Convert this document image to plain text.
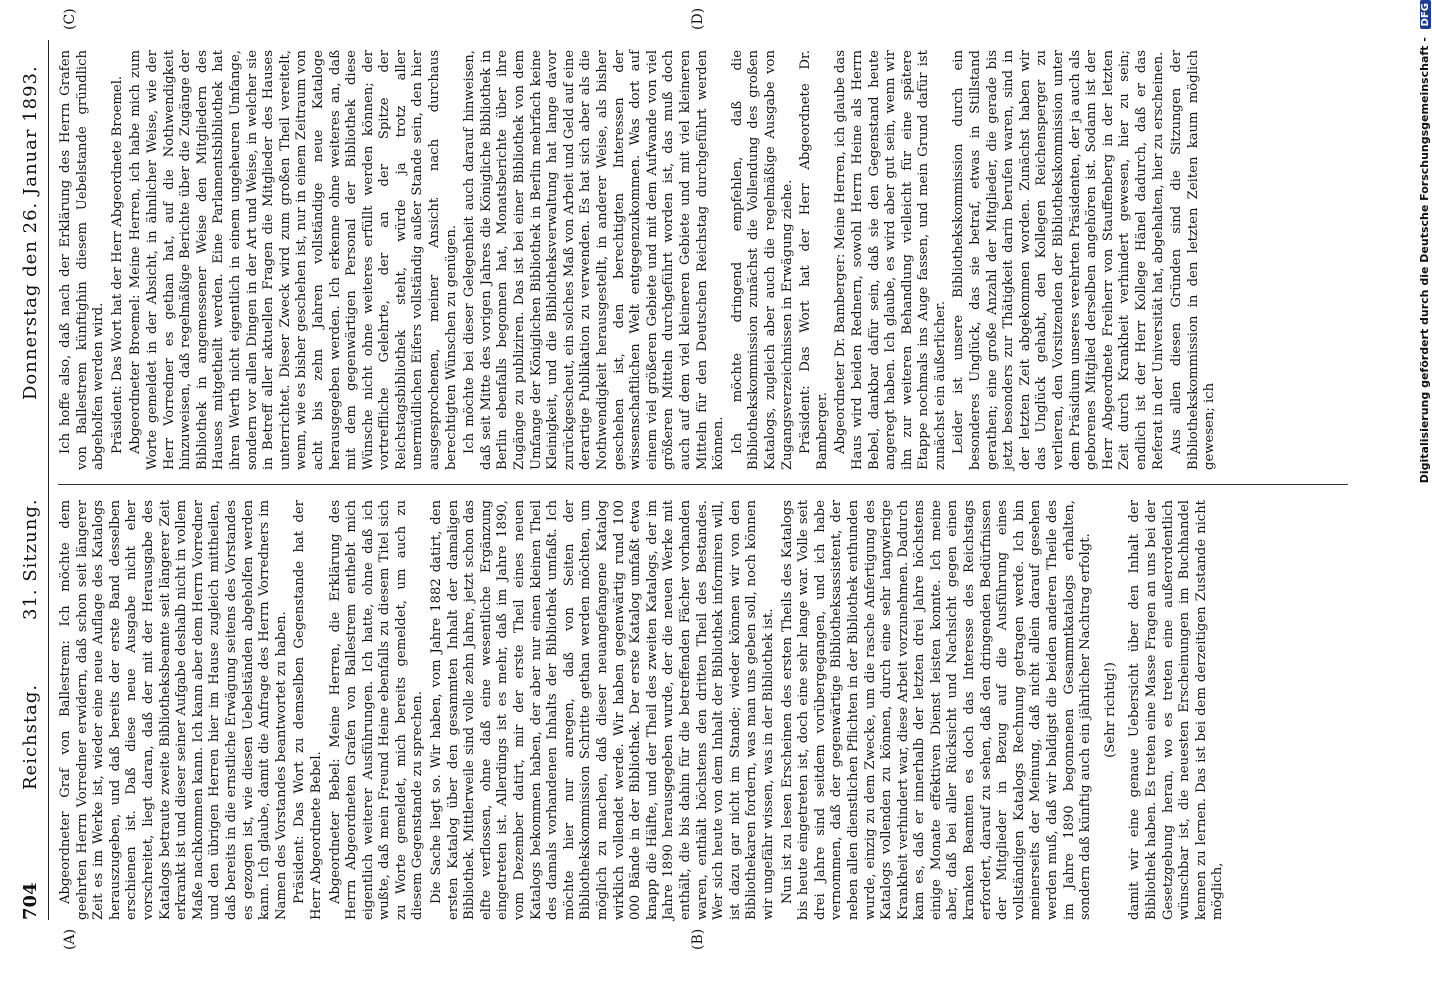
704
Reichstag.
31. Sitzung.
Donnerstag den 26. Januar 1893.
(A)	(B)
(C)	(D)

Abgeordneter Graf von Ballestrem: Ich möchte dem geehrten Herrn Vorredner erwidern, daß schon seit längerer Zeit es im Werke ist, wieder eine neue Auflage des Katalogs herauszugeben, und daß bereits der erste Band desselben erschienen ist. Daß diese neue Ausgabe nicht eher vorschreitet, liegt daran, daß der mit der Herausgabe des Katalogs betraute zweite Bibliotheksbeamte seit längerer Zeit erkrankt ist und dieser seiner Aufgabe deshalb nicht in vollem Maße nachkommen kann. Ich kann aber dem Herrn Vorredner und den übrigen Herren hier im Hause zugleich mittheilen, daß bereits in die ernstliche Erwägung seitens des Vorstandes es gezogen ist, wie diesen Uebelständen abgeholfen werden kann. Ich glaube, damit die Anfrage des Herrn Vorredners im Namen des Vorstandes beantwortet zu haben. Präsident: Das Wort zu demselben Gegenstande hat der Herr Abgeordnete Bebel. Abgeordneter Bebel: Meine Herren, die Erklärung des Herrn Abgeordneten Grafen von Ballestrem enthebt mich eigentlich weiterer Ausführungen. Ich hatte, ohne daß ich wußte, daß mein Freund Heine ebenfalls zu diesem Titel sich zu Worte gemeldet, mich bereits gemeldet, um auch zu diesem Gegenstande zu sprechen. Die Sache liegt so. Wir haben, vom Jahre 1882 datirt, den ersten Katalog über den gesammten Inhalt der damaligen Bibliothek. Mittlerweile sind volle zehn Jahre, jetzt schon das elfte verflossen, ohne daß eine wesentliche Ergänzung eingetreten ist. Allerdings ist es mehr, daß im Jahre 1890, vom Dezember datirt, mir der erste Theil eines neuen Katalogs bekommen haben, der aber nur einen kleinen Theil des damals vorhandenen Inhalts der Bibliothek umfaßt. Ich möchte hier nur anregen, daß von Seiten der Bibliothekskommission Schritte gethan werden möchten, um möglich zu machen, daß dieser neuangefangene Katalog wirklich vollendet werde. Wir haben gegenwärtig rund 100 000 Bände in der Bibliothek. Der erste Katalog umfaßt etwa knapp die Hälfte, und der Theil des zweiten Katalogs, der im Jahre 1890 herausgegeben wurde, der die neuen Werke mit enthält, die bis dahin für die betreffenden Fächer vorhanden waren, enthält höchstens den dritten Theil des Bestandes. Wer sich heute von dem Inhalt der Bibliothek informiren will, ist dazu gar nicht im Stande; wieder können wir von den Bibliothekaren fordern, was man uns geben soll, noch können wir ungefähr wissen, was in der Bibliothek ist. Nun ist zu lesen Erscheinen des ersten Theils des Katalogs bis heute eingetreten ist, doch eine sehr lange war. Volle seit drei Jahre sind seitdem vorübergegangen, und ich habe vernommen, daß der gegenwärtige Bibliotheksassistent, der neben allen dienstlichen Pflichten in der Bibliothek enthunden wurde, einzig zu dem Zwecke, um die rasche Anfertigung des Katalogs vollenden zu können, durch eine sehr langwierige Krankheit verhindert war, diese Arbeit vorzunehmen. Dadurch kam es, daß er innerhalb der letzten drei Jahre höchstens einige Monate effektiven Dienst leisten konnte. Ich meine aber, daß bei aller Rücksicht und Nachsicht gegen einen kranken Beamten es doch das Interesse des Reichstags erfordert, darauf zu sehen, daß den dringenden Bedürfnissen der Mitglieder in Bezug auf die Ausführung eines vollständigen Katalogs Rechnung getragen werde. Ich bin meinerseits der Meinung, daß nicht allein darauf gesehen werden muß, daß wir baldigst die beiden anderen Theile des im Jahre 1890 begonnenen Gesammtkatalogs erhalten, sondern daß künftig auch ein jährlicher Nachtrag erfolgt. (Sehr richtig!) damit wir eine genaue Uebersicht über den Inhalt der Bibliothek haben. Es treten eine Masse Fragen an uns bei der Gesetzgebung heran, wo es treten eine außerordentlich wünschbar ist, die neuesten Erscheinungen im Buchhandel kennen zu lernen. Das ist bei dem derzeitigen Zustande nicht möglich,

Ich hoffe also, daß nach der Erklärung des Herrn Grafen von Ballestrem künftighin diesem Uebelstande gründlich abgeholfen werden wird. Präsident: Das Wort hat der Herr Abgeordnete Broemel. Abgeordneter Broemel: Meine Herren, ich habe mich zum Worte gemeldet in der Absicht, in ähnlicher Weise, wie der Herr Vorredner es gethan hat, auf die Nothwendigkeit hinzuweisen, daß regelmäßige Berichte über die Zugänge der Bibliothek in angemessener Weise den Mitgliedern des Hauses mitgetheilt werden. Eine Parlamentsbibliothek hat ihren Werth nicht eigentlich in einem ungeheuren Umfange, sondern vor allen Dingen in der Art und Weise, in welcher sie in Betreff aller aktuellen Fragen die Mitglieder des Hauses unterrichtet. Dieser Zweck wird zum großen Theil vereitelt, wenn, wie es bisher geschehen ist, nur in einem Zeitraum von acht bis zehn Jahren vollständige neue Kataloge herausgegeben werden. Ich erkenne ohne weiteres an, daß mit dem gegenwärtigen Personal der Bibliothek diese Wünsche nicht ohne weiteres erfüllt werden können; der vortreffliche Gelehrte, der an der Spitze der Reichstagsbibliothek steht, würde ja trotz aller unermüdlichen Eifers vollständig außer Stande sein, den hier ausgesprochenen, meiner Ansicht nach durchaus berechtigten Wünschen zu genügen. Ich möchte bei dieser Gelegenheit auch darauf hinweisen, daß seit Mitte des vorigen Jahres die Königliche Bibliothek in Berlin ebenfalls begonnen hat, Monatsberichte über ihre Zugänge zu publiziren. Das ist bei einer Bibliothek von dem Umfange der Königlichen Bibliothek in Berlin mehrfach keine Kleinigkeit, und die Bibliotheksverwaltung hat lange davor zurückgescheut, ein solches Maß von Arbeit und Geld auf eine derartige Publikation zu verwenden. Es hat sich aber als die Nothwendigkeit herausgestellt, in anderer Weise, als bisher geschehen ist, den berechtigten Interessen der wissenschaftlichen Welt entgegenzukommen. Was dort auf einem viel größeren Gebiete und mit dem Aufwande von viel größeren Mitteln durchgeführt worden ist, das muß doch auch auf dem viel kleineren Gebiete und mit viel kleineren Mitteln für den Deutschen Reichstag durchgeführt werden können. Ich möchte dringend empfehlen, daß die Bibliothekskommission zunächst die Vollendung des großen Katalogs, zugleich aber auch die regelmäßige Ausgabe von Zugangsverzeichnissen in Erwägung ziehe. Präsident: Das Wort hat der Herr Abgeordnete Dr. Bamberger. Abgeordneter Dr. Bamberger: Meine Herren, ich glaube das Haus wird beiden Rednern, sowohl Herrn Heine als Herrn Bebel, dankbar dafür sein, daß sie den Gegenstand heute angeregt haben. Ich glaube, es wird aber gut sein, wenn wir ihn zur weiteren Behandlung vielleicht für eine spätere Etappe nochmals ins Auge fassen, und mein Grund dafür ist zunächst ein äußerlicher. Leider ist unsere Bibliothekskommission durch ein besonderes Unglück, das sie betraf, etwas in Stillstand gerathen; eine große Anzahl der Mitglieder, die gerade bis jetzt besonders zur Thätigkeit darin berufen waren, sind in der letzten Zeit abgekommen worden. Zunächst haben wir das Unglück gehabt, den Kollegen Reichensperger zu verlieren, den Vorsitzenden der Bibliothekskommission unter dem Präsidium unseres verehrten Präsidenten, der ja auch als geborenes Mitglied derselben angehören ist. Sodann ist der Herr Abgeordnete Freiherr von Stauffenberg in der letzten Zeit durch Krankheit verhindert gewesen, hier zu sein; endlich ist der Herr Kollege Hänel dadurch, daß er das Referat in der Universität hat, abgehalten, hier zu erscheinen. Aus allen diesen Gründen sind die Sitzungen der Bibliothekskommission in den letzten Zeiten kaum möglich gewesen; ich	Digitalisierung gefördert durch die Deutsche Forschungsgemeinschaft - DFG
